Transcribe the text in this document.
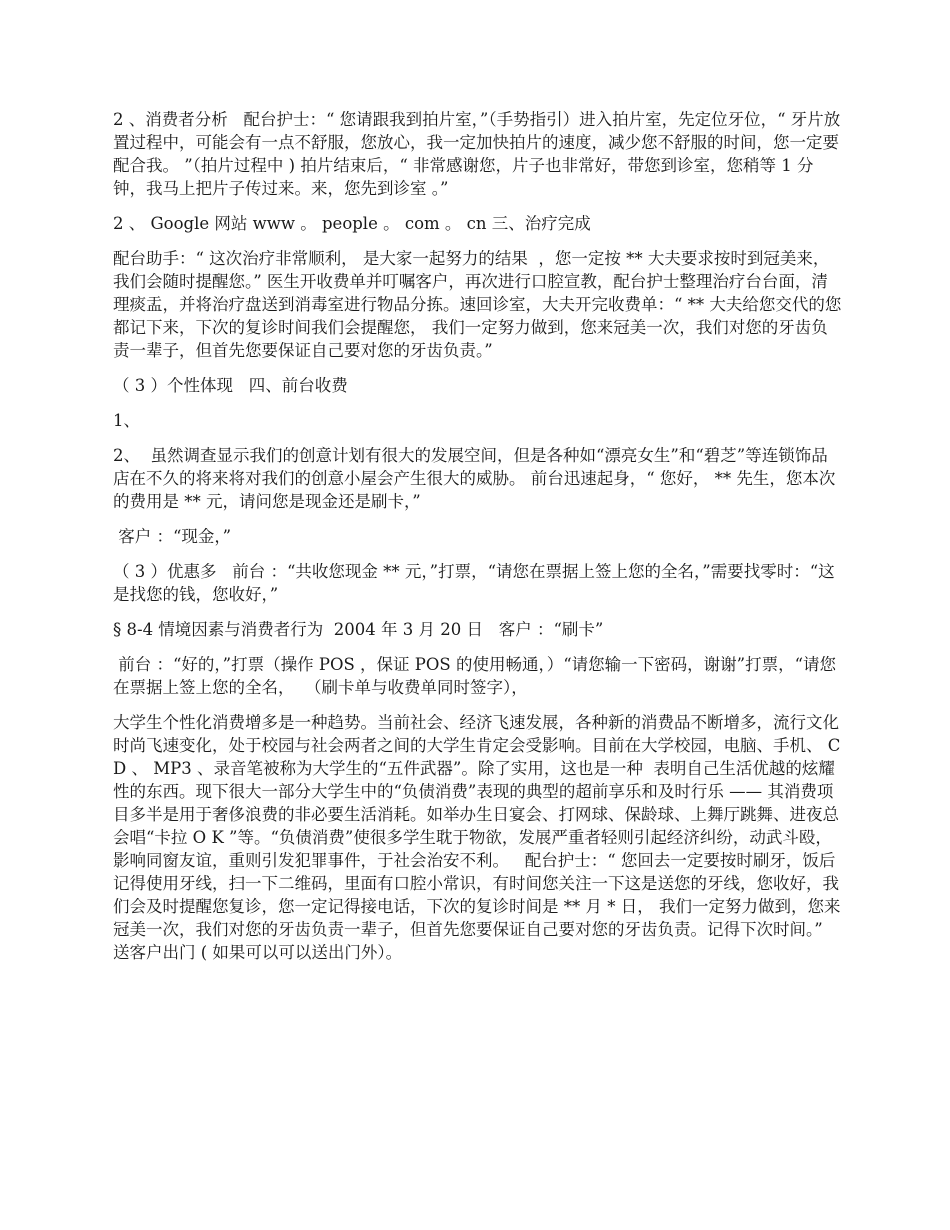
2 、消费者分析   配台护士：“ 您请跟我到拍片室，”（手势指引）进入拍片室，先定位牙位，“ 牙片放置过程中，可能会有一点不舒服，您放心，我一定加快拍片的速度，减少您不舒服的时间，您一定要配合我。 ”（拍片过程中 ) 拍片结束后，“ 非常感谢您，片子也非常好，带您到诊室，您稍等 1 分钟，我马上把片子传过来。来，您先到诊室 。”

2 、 Google 网站 www 。 people 。 com 。 cn 三、治疗完成

配台助手：“ 这次治疗非常顺利， 是大家一起努力的结果  ，您一定按 ** 大夫要求按时到冠美来，我们会随时提醒您。” 医生开收费单并叮嘱客户，再次进行口腔宣教，配台护士整理治疗台台面，清理痰盂，并将治疗盘送到消毒室进行物品分拣。速回诊室，大夫开完收费单：“ ** 大夫给您交代的您都记下来，下次的复诊时间我们会提醒您， 我们一定努力做到，您来冠美一次，我们对您的牙齿负责一辈子，但首先您要保证自己要对您的牙齿负责。”

（ 3 ）个性体现   四、前台收费

1、

2、  虽然调查显示我们的创意计划有很大的发展空间，但是各种如“漂亮女生”和“碧芝”等连锁饰品店在不久的将来将对我们的创意小屋会产生很大的威胁。 前台迅速起身，“ 您好， ** 先生，您本次的费用是 ** 元，请问您是现金还是刷卡，”

客户 ：“现金，”

（ 3 ）优惠多   前台 ：“共收您现金 ** 元，”打票，“请您在票据上签上您的全名，”需要找零时：“这是找您的钱，您收好，”

§ 8-4 情境因素与消费者行为  2004 年 3 月 20 日   客户 ：“刷卡”

前台 ：“好的，”打票（操作 POS ，保证 POS 的使用畅通，）“请您输一下密码，谢谢”打票，“请您在票据上签上您的全名，  （刷卡单与收费单同时签字），

大学生个性化消费增多是一种趋势。当前社会、经济飞速发展，各种新的消费品不断增多，流行文化时尚飞速变化，处于校园与社会两者之间的大学生肯定会受影响。目前在大学校园，电脑、手机、 CD 、 MP3 、录音笔被称为大学生的“五件武器”。除了实用，这也是一种  表明自己生活优越的炫耀性的东西。现下很大一部分大学生中的“负债消费”表现的典型的超前享乐和及时行乐 —— 其消费项目多半是用于奢侈浪费的非必要生活消耗。如举办生日宴会、打网球、保龄球、上舞厅跳舞、进夜总会唱“卡拉 O K ”等。“负债消费”使很多学生耽于物欲，发展严重者轻则引起经济纠纷，动武斗殴，影响同窗友谊，重则引发犯罪事件，于社会治安不利。   配台护士：“ 您回去一定要按时刷牙，饭后记得使用牙线，扫一下二维码，里面有口腔小常识，有时间您关注一下这是送您的牙线，您收好，我们会及时提醒您复诊，您一定记得接电话，下次的复诊时间是 ** 月 * 日， 我们一定努力做到，您来冠美一次，我们对您的牙齿负责一辈子，但首先您要保证自己要对您的牙齿负责。记得下次时间。” 送客户出门 ( 如果可以可以送出门外）。
